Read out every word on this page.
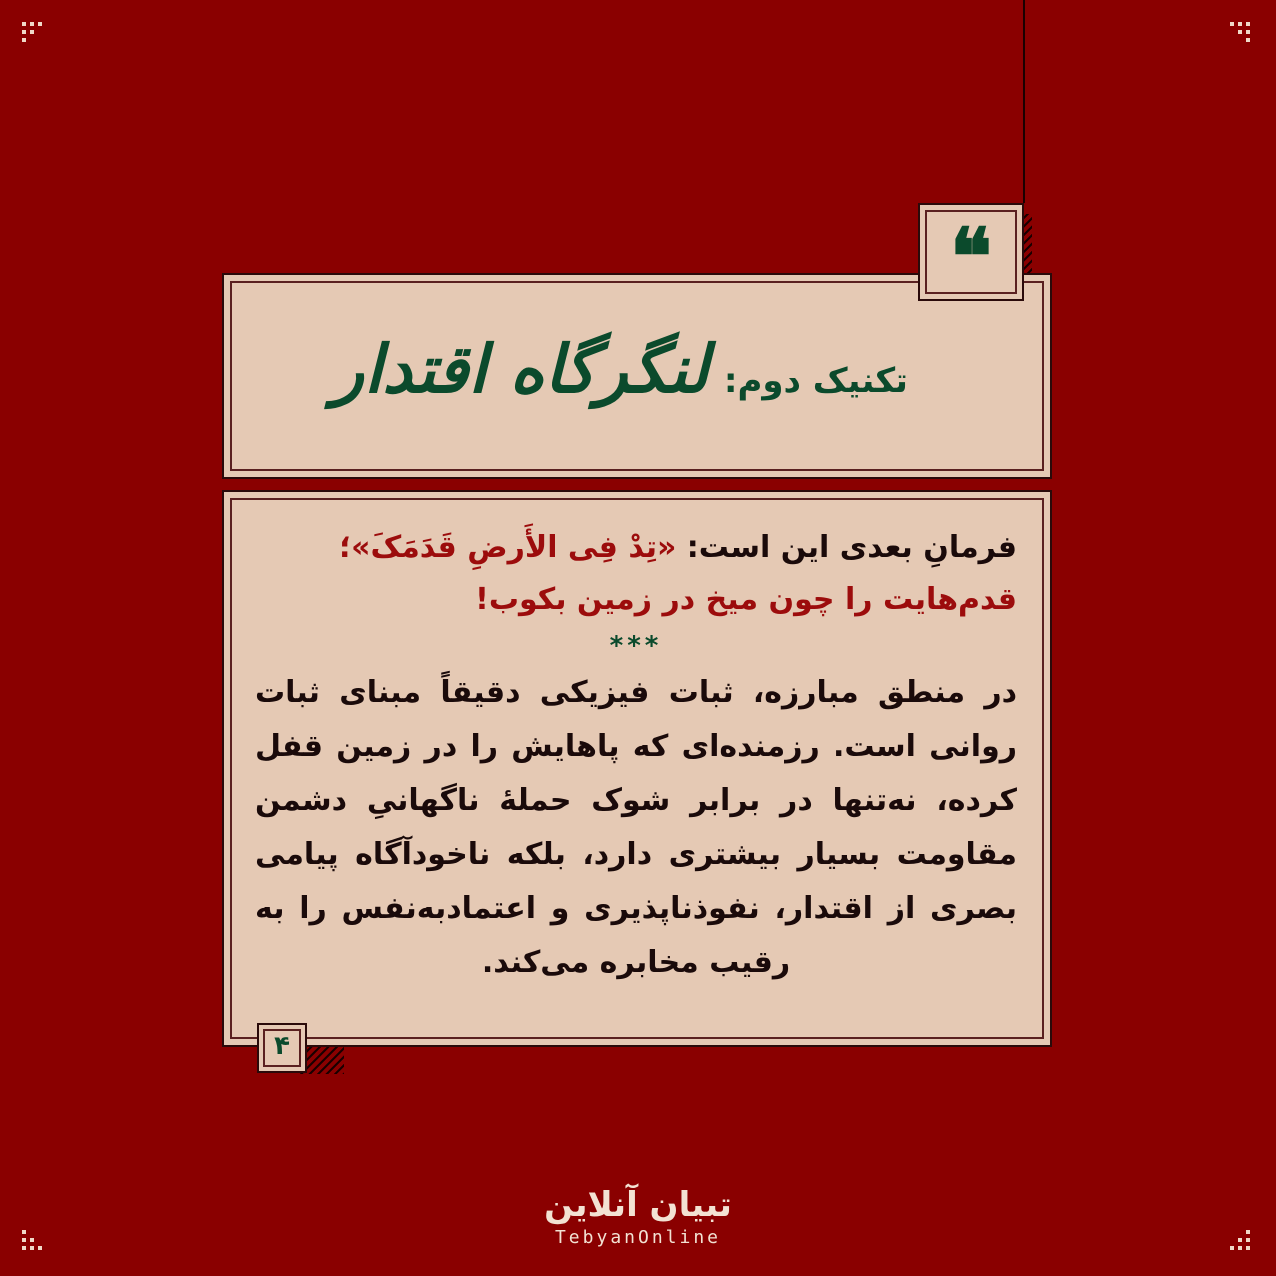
❝
تکنیک دوم: لنگرگاه اقتدار

فرمانِ بعدی این است: «تِدْ فِی الأَرضِ قَدَمَکَ»؛
قدم‌هایت را چون میخ در زمین بکوب!

***

در منطق مبارزه، ثبات فیزیکی دقیقاً مبنای ثبات روانی است. رزمنده‌ای که پاهایش را در زمین قفل کرده، نه‌تنها در برابر شوک حملهٔ ناگهانیِ دشمن مقاومت بسیار بیشتری دارد، بلکه ناخودآگاه پیامی بصری از اقتدار، نفوذناپذیری و اعتمادبه‌نفس را به رقیب مخابره می‌کند.

۴
تبیان آنلاین
TebyanOnline
